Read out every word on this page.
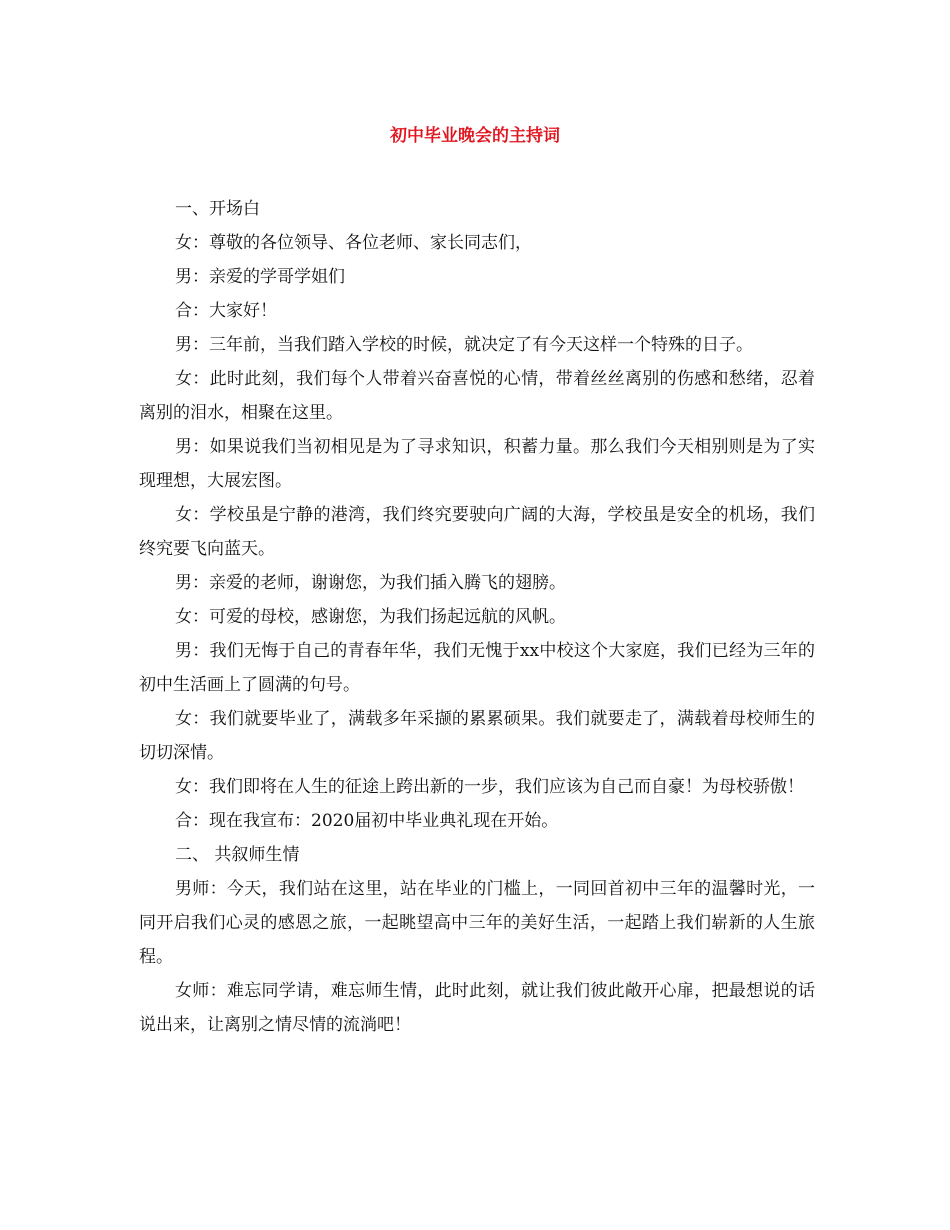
初中毕业晚会的主持词

一、开场白

女：尊敬的各位领导、各位老师、家长同志们，

男：亲爱的学哥学姐们

合：大家好！

男：三年前，当我们踏入学校的时候，就决定了有今天这样一个特殊的日子。

女：此时此刻，我们每个人带着兴奋喜悦的心情，带着丝丝离别的伤感和愁绪，忍着离别的泪水，相聚在这里。

男：如果说我们当初相见是为了寻求知识，积蓄力量。那么我们今天相别则是为了实现理想，大展宏图。

女：学校虽是宁静的港湾，我们终究要驶向广阔的大海，学校虽是安全的机场，我们终究要飞向蓝天。

男：亲爱的老师，谢谢您，为我们插入腾飞的翅膀。

女：可爱的母校，感谢您，为我们扬起远航的风帆。

男：我们无悔于自己的青春年华，我们无愧于xx中校这个大家庭，我们已经为三年的初中生活画上了圆满的句号。

女：我们就要毕业了，满载多年采撷的累累硕果。我们就要走了，满载着母校师生的切切深情。

女：我们即将在人生的征途上跨出新的一步，我们应该为自己而自豪！为母校骄傲！

合：现在我宣布：2020届初中毕业典礼现在开始。

二、 共叙师生情

男师：今天，我们站在这里，站在毕业的门槛上，一同回首初中三年的温馨时光，一同开启我们心灵的感恩之旅，一起眺望高中三年的美好生活，一起踏上我们崭新的人生旅程。

女师：难忘同学请，难忘师生情，此时此刻，就让我们彼此敞开心扉，把最想说的话说出来，让离别之情尽情的流淌吧！
